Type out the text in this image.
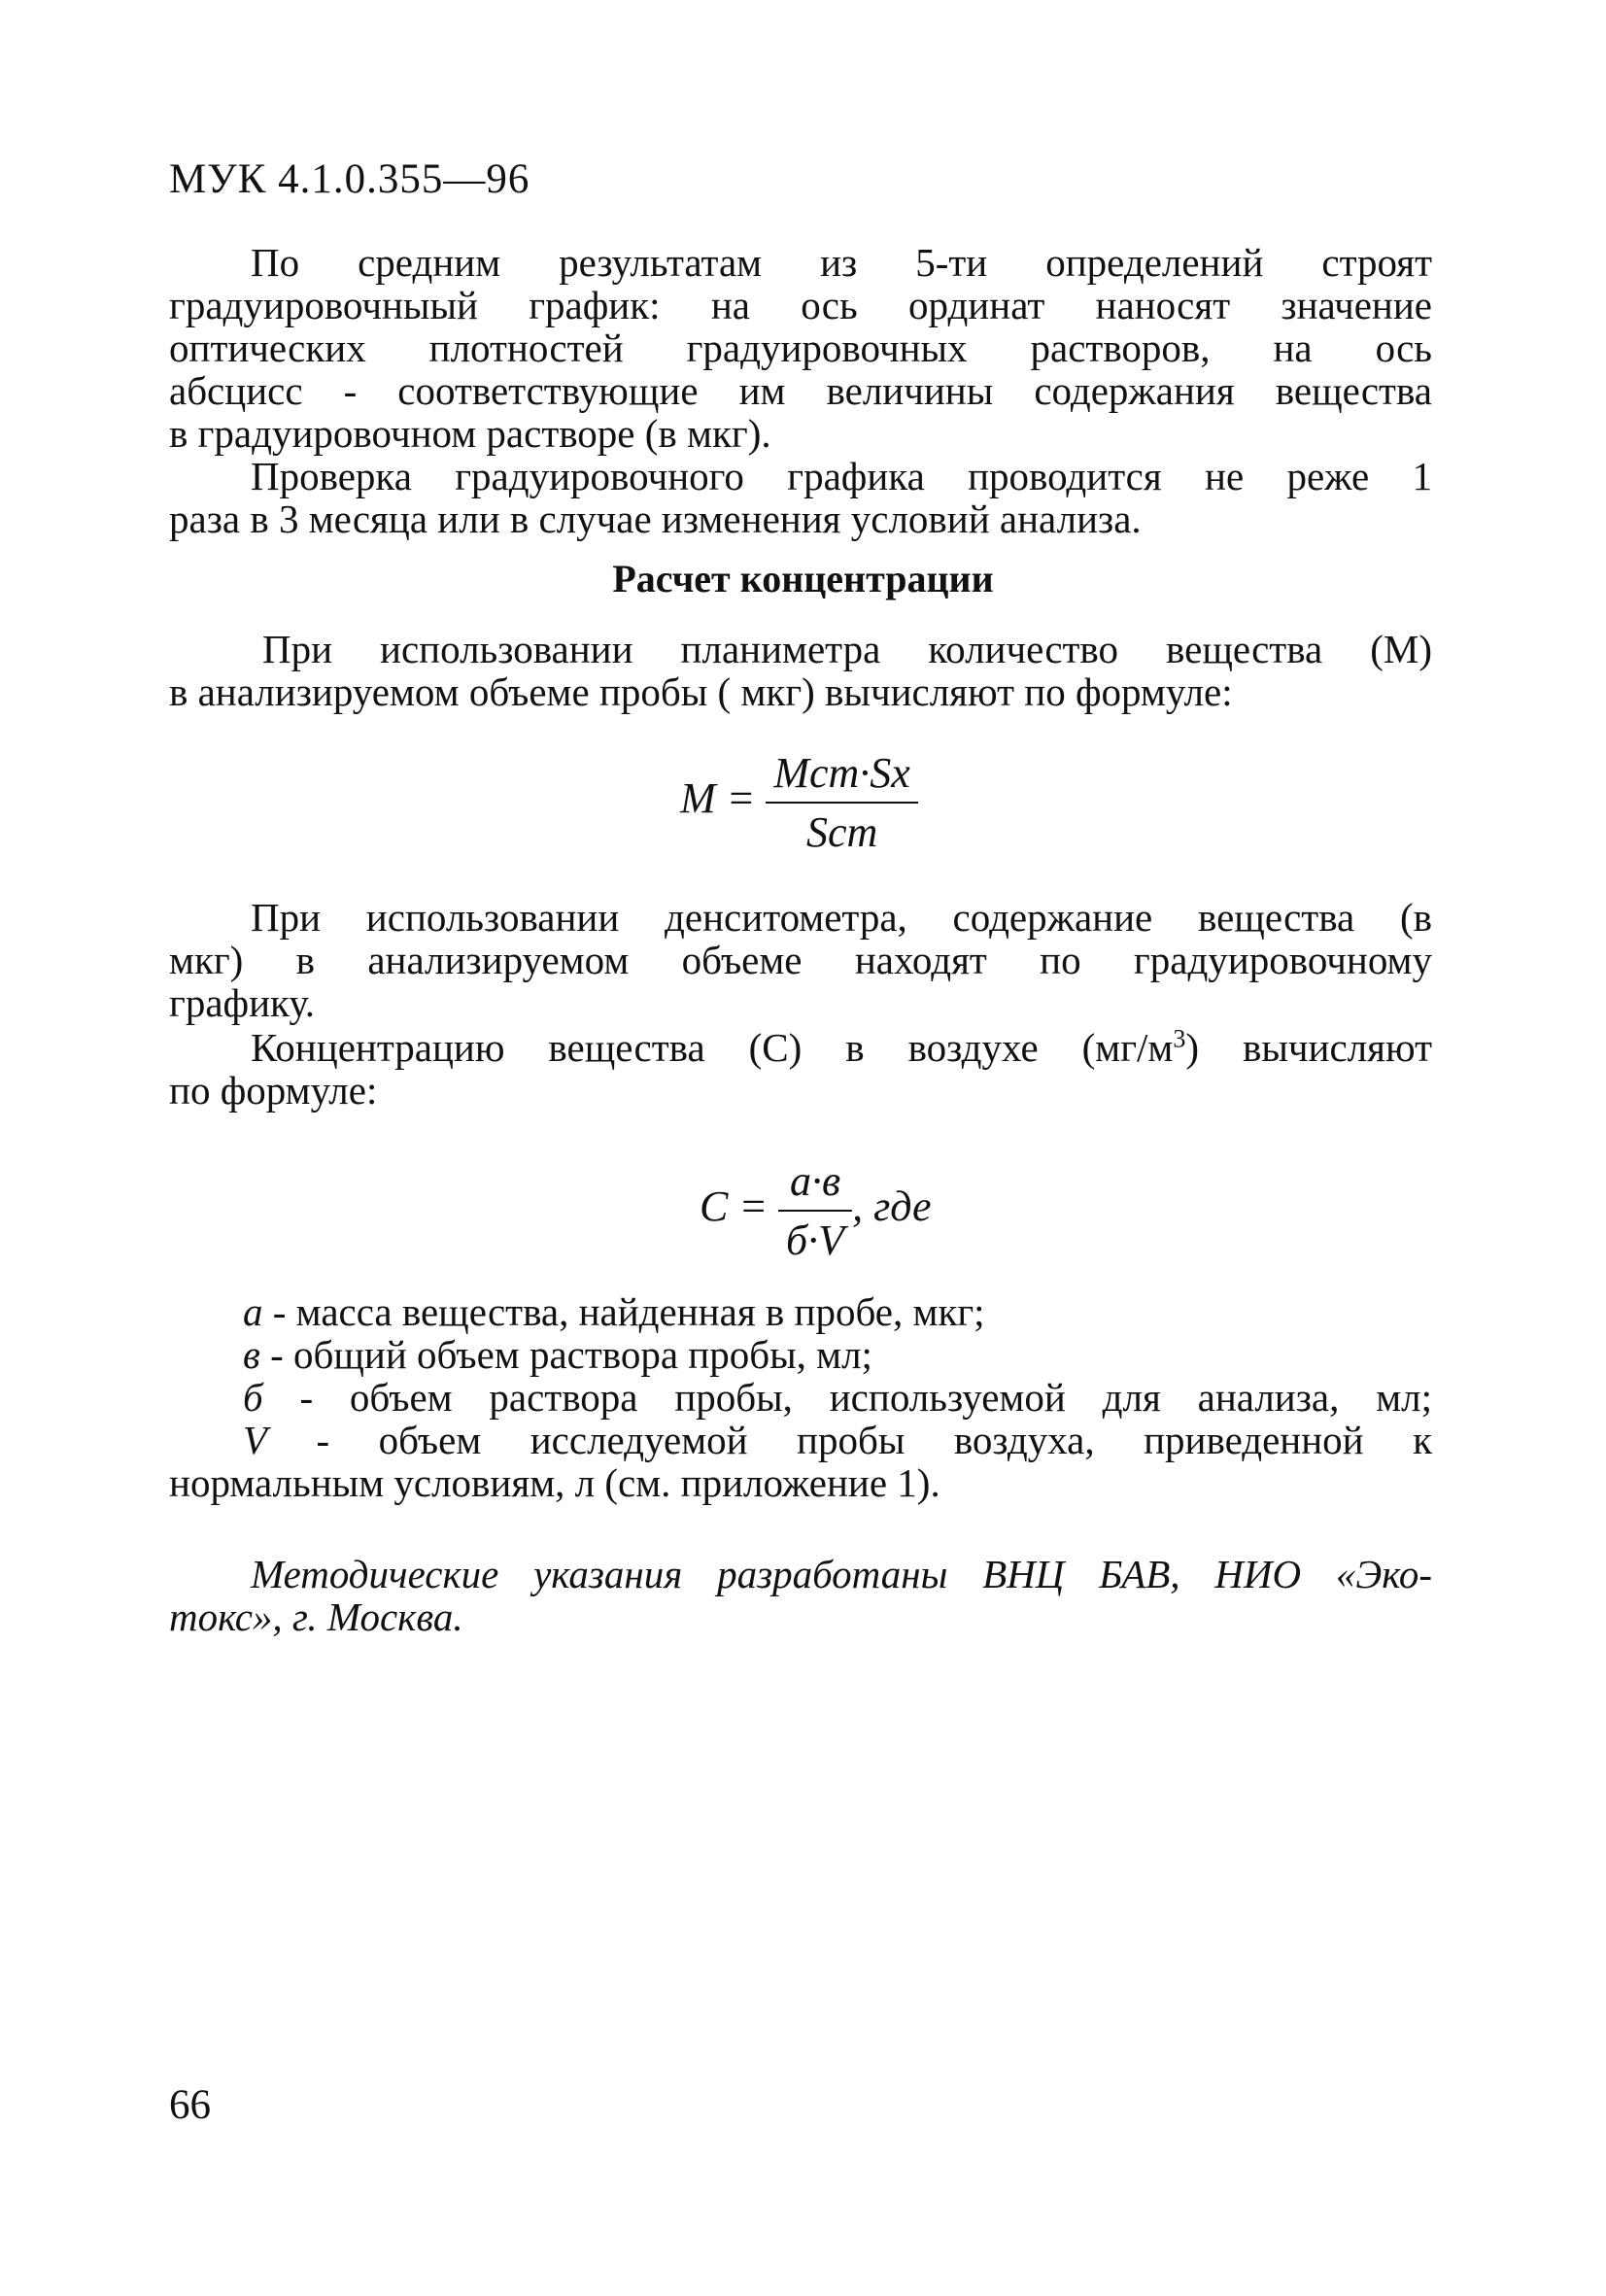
МУК 4.1.0.355—96
По средним результатам из 5-ти определений строят
градуировочныый график: на ось ординат наносят значение
оптических плотностей градуировочных растворов, на ось
абсцисс - соответствующие им величины содержания вещества
в градуировочном растворе (в мкг).
Проверка градуировочного графика проводится не реже 1
раза в 3 месяца или в случае изменения условий анализа.
Расчет концентрации
При использовании планиметра количество вещества (М)
в анализируемом объеме пробы ( мкг) вычисляют по формуле:
$M = \frac{\text{Mст·Sx}}{\text{Sст}}$
При использовании денситометра, содержание вещества (в
мкг) в анализируемом объеме находят по градуировочному
графику.
Концентрацию вещества (С) в воздухе $(мг/м^3)$ вычисляют
по формуле:
$C = \frac{а\cdot в}{б\cdot V}$ , где
а - масса вещества, найденная в пробе, мкг;
в - общий объем раствора пробы, мл;
б - объем раствора пробы, используемой для анализа, мл;
V - объем исследуемой пробы воздуха, приведенной к
нормальным условиям, л (см. приложение 1).
Методические указания разработаны ВНЦ БАВ, НИО «Эко-
токс», г. Москва.
66
